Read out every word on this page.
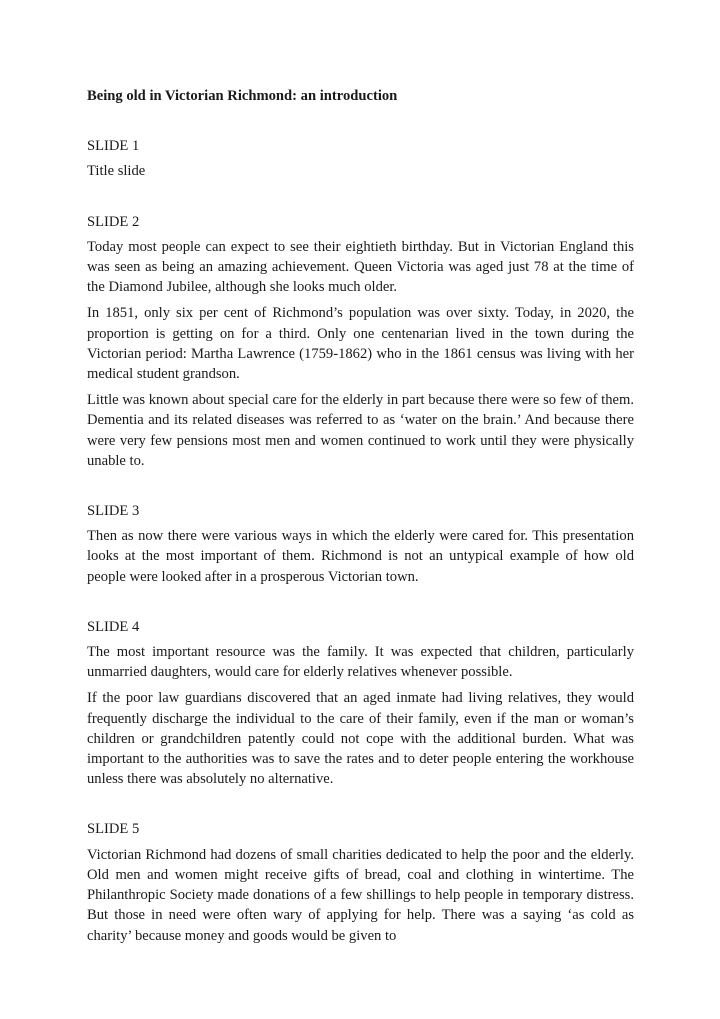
Being old in Victorian Richmond: an introduction
SLIDE 1
Title slide
SLIDE 2
Today most people can expect to see their eightieth birthday. But in Victorian England this was seen as being an amazing achievement. Queen Victoria was aged just 78 at the time of the Diamond Jubilee, although she looks much older.
In 1851, only six per cent of Richmond’s population was over sixty. Today, in 2020, the proportion is getting on for a third. Only one centenarian lived in the town during the Victorian period: Martha Lawrence (1759-1862) who in the 1861 census was living with her medical student grandson.
Little was known about special care for the elderly in part because there were so few of them. Dementia and its related diseases was referred to as ‘water on the brain.’ And because there were very few pensions most men and women continued to work until they were physically unable to.
SLIDE 3
Then as now there were various ways in which the elderly were cared for. This presentation looks at the most important of them. Richmond is not an untypical example of how old people were looked after in a prosperous Victorian town.
SLIDE 4
The most important resource was the family. It was expected that children, particularly unmarried daughters, would care for elderly relatives whenever possible.
If the poor law guardians discovered that an aged inmate had living relatives, they would frequently discharge the individual to the care of their family, even if the man or woman’s children or grandchildren patently could not cope with the additional burden. What was important to the authorities was to save the rates and to deter people entering the workhouse unless there was absolutely no alternative.
SLIDE 5
Victorian Richmond had dozens of small charities dedicated to help the poor and the elderly. Old men and women might receive gifts of bread, coal and clothing in wintertime. The Philanthropic Society made donations of a few shillings to help people in temporary distress. But those in need were often wary of applying for help. There was a saying ‘as cold as charity’ because money and goods would be given to
